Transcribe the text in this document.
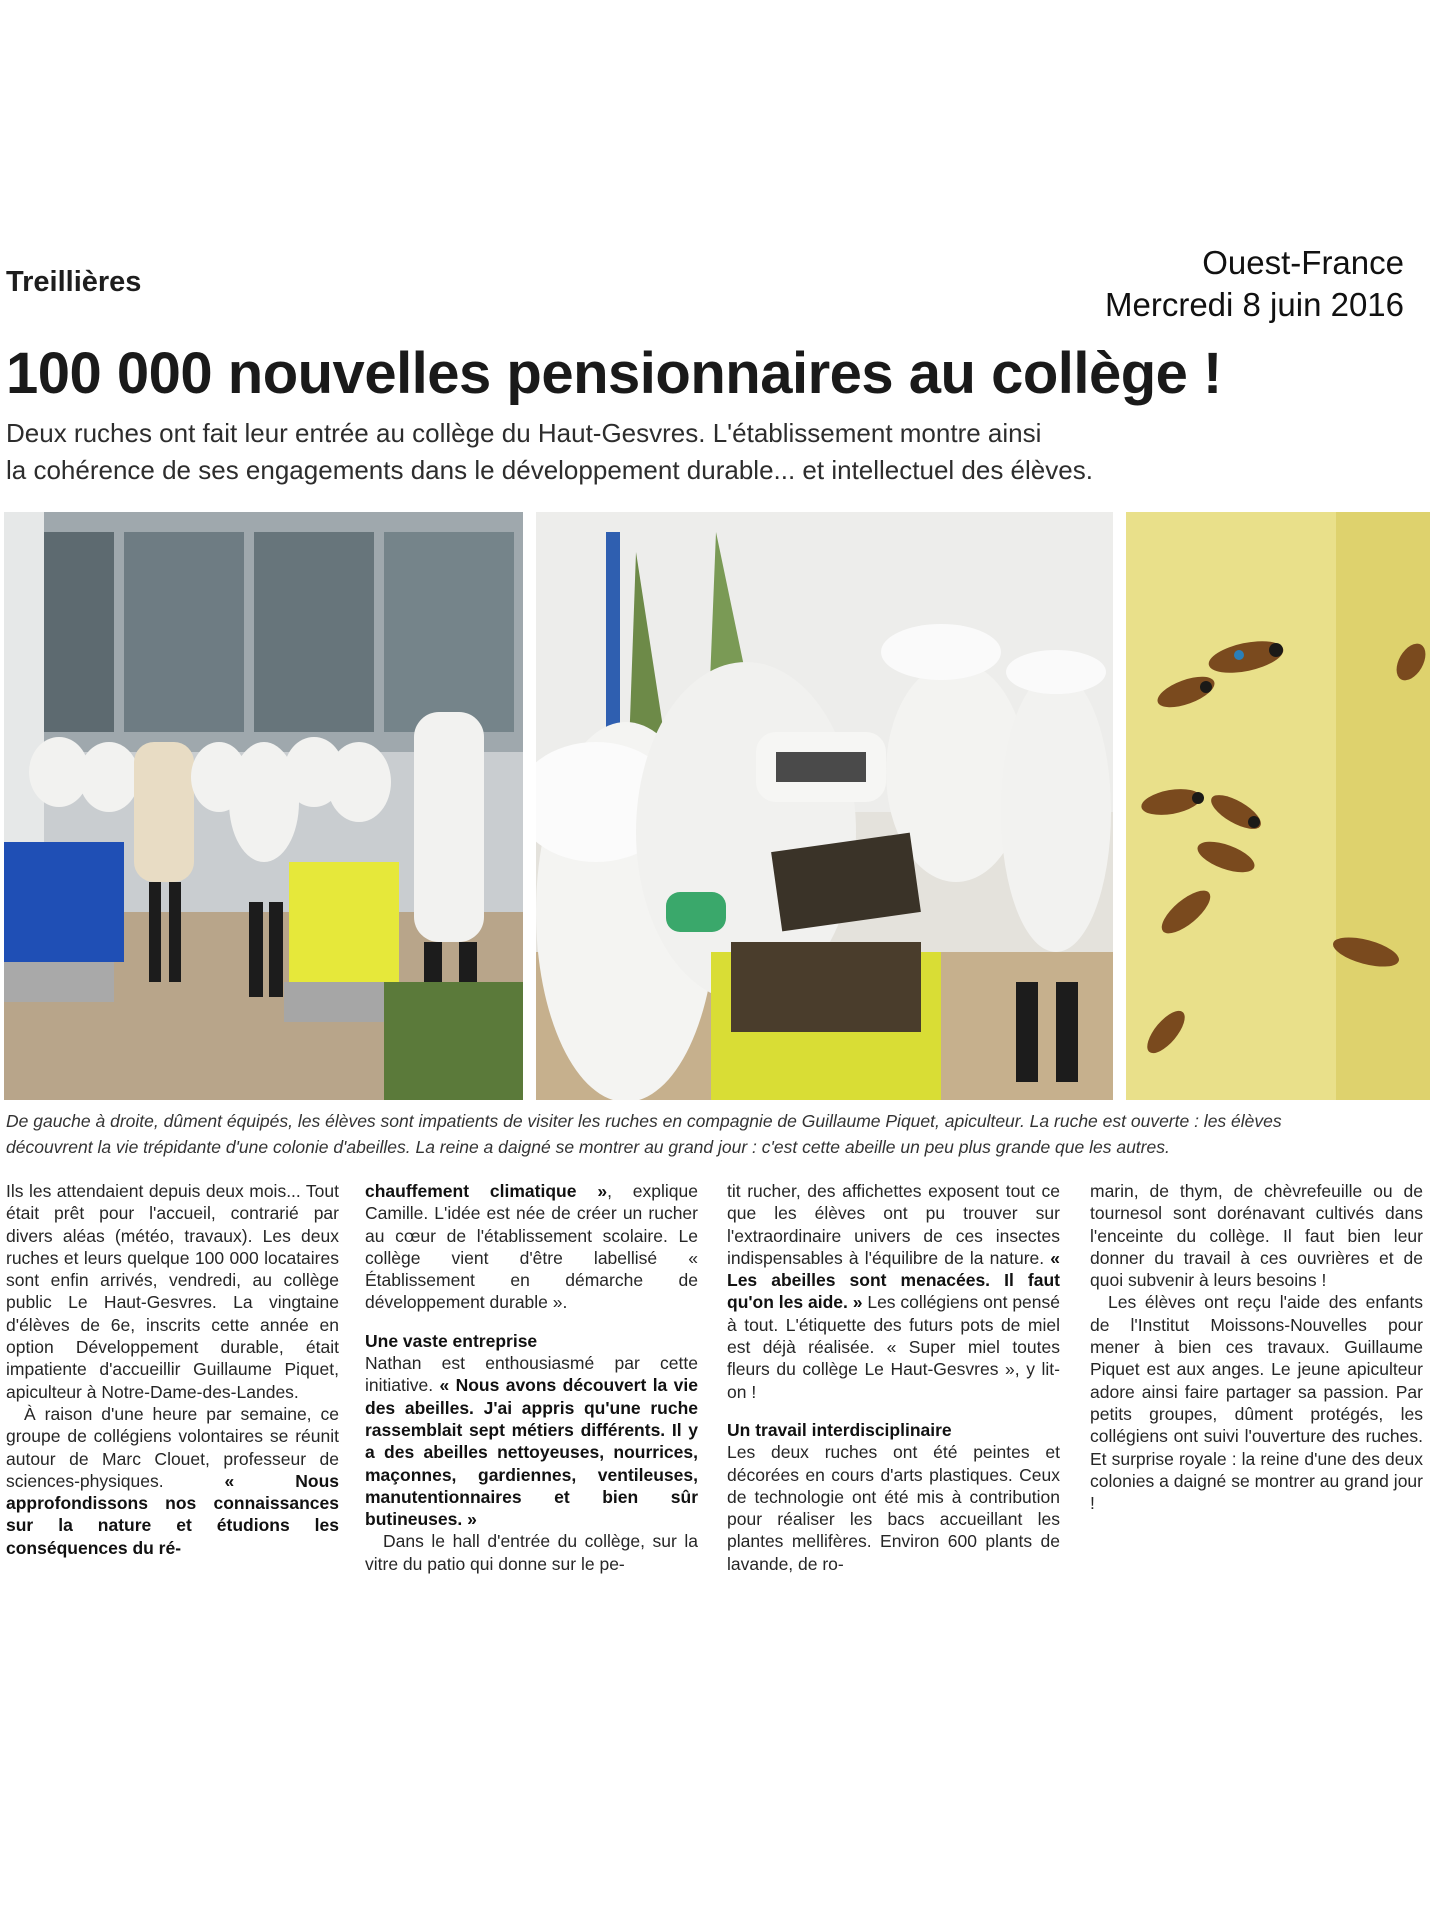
Treillières
Ouest-France
Mercredi 8 juin 2016
100 000 nouvelles pensionnaires au collège !
Deux ruches ont fait leur entrée au collège du Haut-Gesvres. L'établissement montre ainsi
la cohérence de ses engagements dans le développement durable... et intellectuel des élèves.
De gauche à droite, dûment équipés, les élèves sont impatients de visiter les ruches en compagnie de Guillaume Piquet, apiculteur. La ruche est ouverte : les élèves
découvrent la vie trépidante d'une colonie d'abeilles. La reine a daigné se montrer au grand jour : c'est cette abeille un peu plus grande que les autres.

Ils les attendaient depuis deux mois... Tout était prêt pour l'accueil, contrarié par divers aléas (météo, travaux). Les deux ruches et leurs quelque 100 000 locataires sont enfin arrivés, vendredi, au collège public Le Haut-Gesvres. La vingtaine d'élèves de 6e, inscrits cette année en option Développement durable, était impatiente d'accueillir Guillaume Piquet, apiculteur à Notre-Dame-des-Landes.

À raison d'une heure par semaine, ce groupe de collégiens volontaires se réunit autour de Marc Clouet, professeur de sciences-physiques. « Nous approfondissons nos connaissances sur la nature et étudions les conséquences du ré-

chauffement climatique », explique Camille. L'idée est née de créer un rucher au cœur de l'établissement scolaire. Le collège vient d'être labellisé « Établissement en démarche de développement durable ».

Une vaste entreprise

Nathan est enthousiasmé par cette initiative. « Nous avons découvert la vie des abeilles. J'ai appris qu'une ruche rassemblait sept métiers différents. Il y a des abeilles nettoyeuses, nourrices, maçonnes, gardiennes, ventileuses, manutentionnaires et bien sûr butineuses. »

Dans le hall d'entrée du collège, sur la vitre du patio qui donne sur le pe-

tit rucher, des affichettes exposent tout ce que les élèves ont pu trouver sur l'extraordinaire univers de ces insectes indispensables à l'équilibre de la nature. « Les abeilles sont menacées. Il faut qu'on les aide. » Les collégiens ont pensé à tout. L'étiquette des futurs pots de miel est déjà réalisée. « Super miel toutes fleurs du collège Le Haut-Gesvres », y lit-on !

Un travail interdisciplinaire

Les deux ruches ont été peintes et décorées en cours d'arts plastiques. Ceux de technologie ont été mis à contribution pour réaliser les bacs accueillant les plantes mellifères. Environ 600 plants de lavande, de ro-

marin, de thym, de chèvrefeuille ou de tournesol sont dorénavant cultivés dans l'enceinte du collège. Il faut bien leur donner du travail à ces ouvrières et de quoi subvenir à leurs besoins !

Les élèves ont reçu l'aide des enfants de l'Institut Moissons-Nouvelles pour mener à bien ces travaux. Guillaume Piquet est aux anges. Le jeune apiculteur adore ainsi faire partager sa passion. Par petits groupes, dûment protégés, les collégiens ont suivi l'ouverture des ruches. Et surprise royale : la reine d'une des deux colonies a daigné se montrer au grand jour !
